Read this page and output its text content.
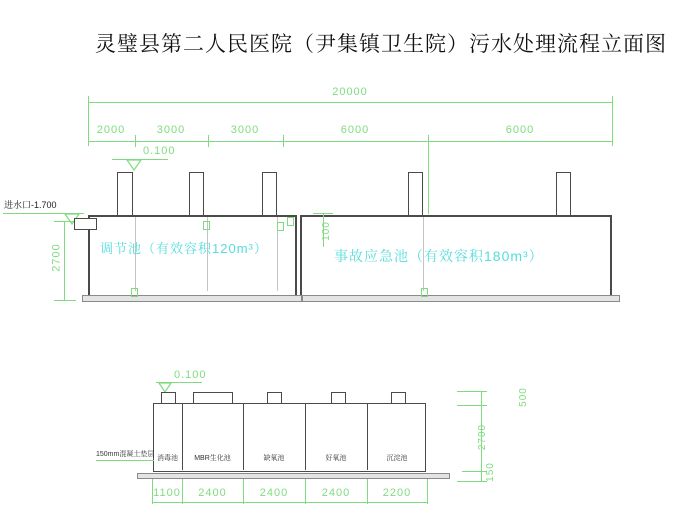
灵璧县第二人民医院（尹集镇卫生院）污水处理流程立面图
20000
2000	3000	3000	6000	6000
0.100
进水口-1.700
2700
100
调节池（有效容积120m³）	事故应急池（有效容积180m³）
0.100
消毒池	MBR生化池	缺氧池	好氧池	沉淀池
150mm混凝土垫层
1100	2400	2400	2400	2200
500
2700
150
